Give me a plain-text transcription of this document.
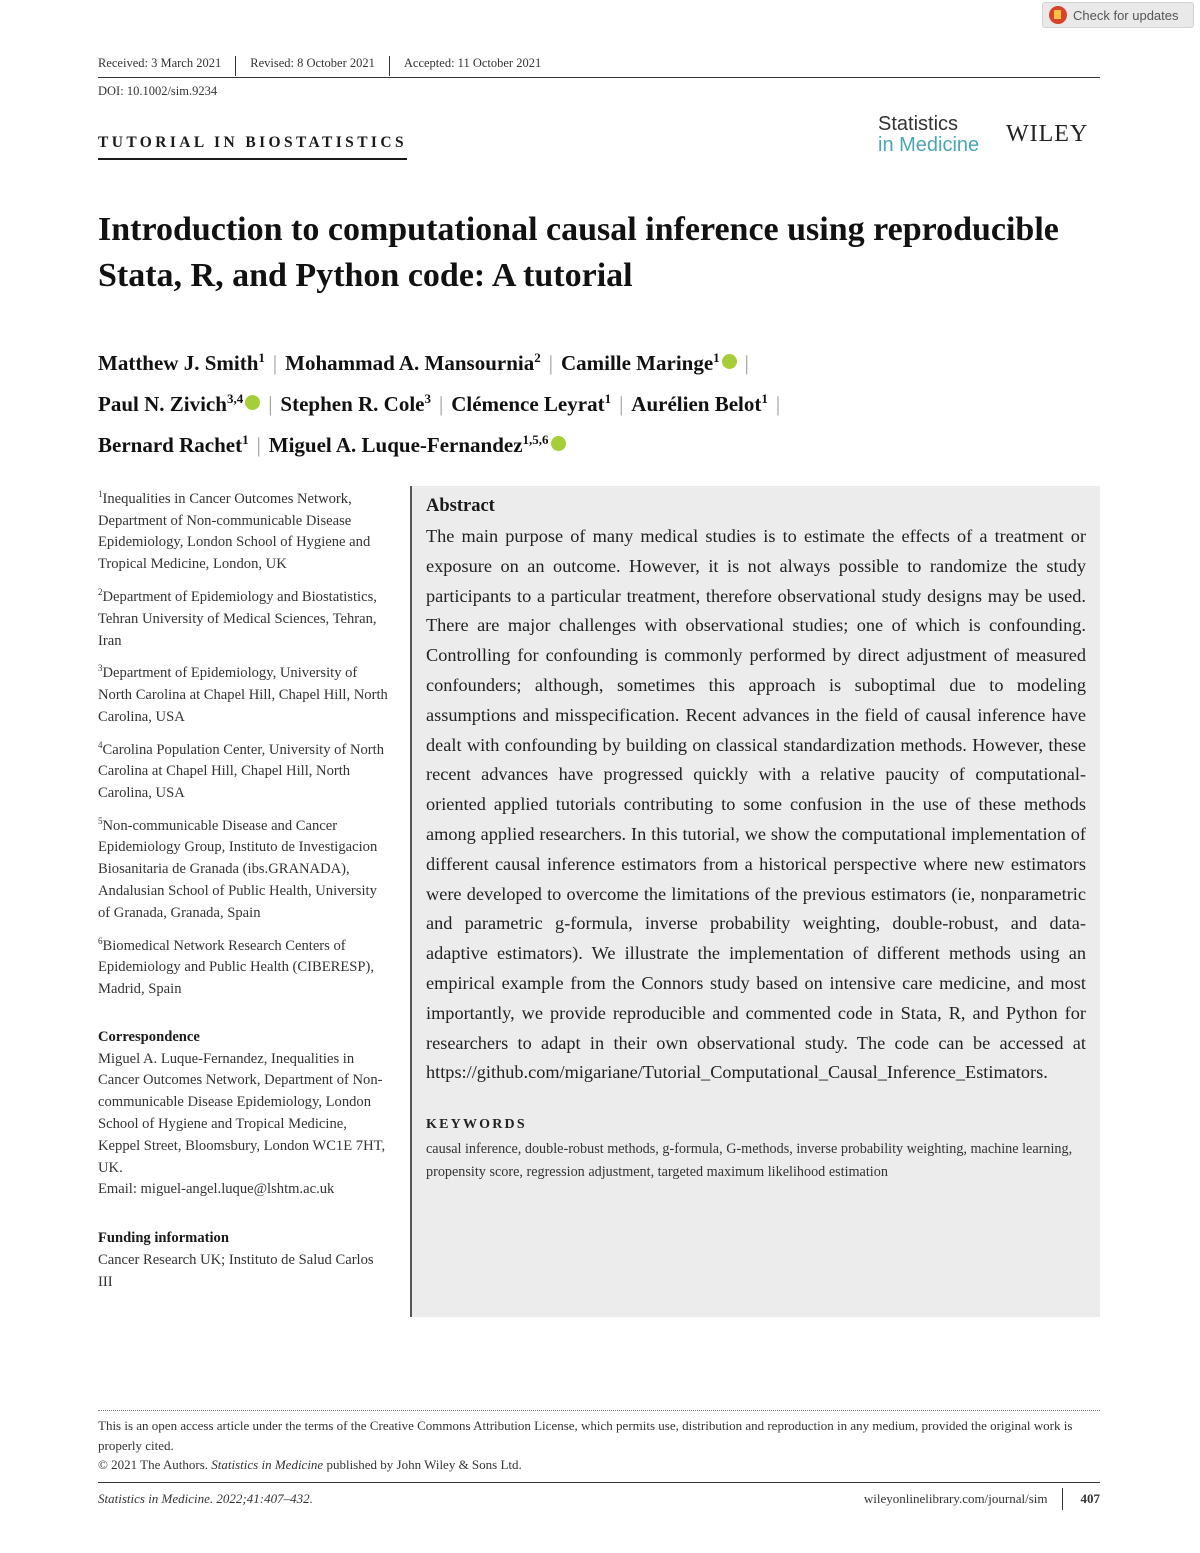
Check for updates
Received: 3 March 2021	Revised: 8 October 2021	Accepted: 11 October 2021
DOI: 10.1002/sim.9234
TUTORIAL IN BIOSTATISTICS
Statistics
in Medicine WILEY
Introduction to computational causal inference using reproducible Stata, R, and Python code: A tutorial
Matthew J. Smith$^1$ | Mohammad A. Mansournia$^2$ | Camille Maringe$^1$ iD |
Paul N. Zivich$^{3,4}$ iD | Stephen R. Cole$^3$ | Clémence Leyrat$^1$ | Aurélien Belot$^1$ |
Bernard Rachet$^1$ | Miguel A. Luque-Fernandez$^{1,5,6}$iD
$^1$Inequalities in Cancer Outcomes Network, Department of Non-communicable Disease Epidemiology, London School of Hygiene and Tropical Medicine, London, UK
$^2$Department of Epidemiology and Biostatistics, Tehran University of Medical Sciences, Tehran, Iran
$^3$Department of Epidemiology, University of North Carolina at Chapel Hill, Chapel Hill, North Carolina, USA
$^4$Carolina Population Center, University of North Carolina at Chapel Hill, Chapel Hill, North Carolina, USA
$^5$Non-communicable Disease and Cancer Epidemiology Group, Instituto de Investigacion Biosanitaria de Granada (ibs.GRANADA), Andalusian School of Public Health, University of Granada, Granada, Spain
$^6$Biomedical Network Research Centers of Epidemiology and Public Health (CIBERESP), Madrid, Spain
Correspondence
Miguel A. Luque-Fernandez, Inequalities in Cancer Outcomes Network, Department of Non-communicable Disease Epidemiology, London School of Hygiene and Tropical Medicine, Keppel Street, Bloomsbury, London WC1E 7HT, UK.
Email: miguel-angel.luque@lshtm.ac.uk
Funding information
Cancer Research UK; Instituto de Salud Carlos III
Abstract

The main purpose of many medical studies is to estimate the effects of a treatment or exposure on an outcome. However, it is not always possible to randomize the study participants to a particular treatment, therefore observational study designs may be used. There are major challenges with observational studies; one of which is confounding. Controlling for confounding is commonly performed by direct adjustment of measured confounders; although, sometimes this approach is suboptimal due to modeling assumptions and misspecification. Recent advances in the field of causal inference have dealt with confounding by building on classical standardization methods. However, these recent advances have progressed quickly with a relative paucity of computational-oriented applied tutorials contributing to some confusion in the use of these methods among applied researchers. In this tutorial, we show the computational implementation of different causal inference estimators from a historical perspective where new estimators were developed to overcome the limitations of the previous estimators (ie, nonparametric and parametric g-formula, inverse probability weighting, double-robust, and data-adaptive estimators). We illustrate the implementation of different methods using an empirical example from the Connors study based on intensive care medicine, and most importantly, we provide reproducible and commented code in Stata, R, and Python for researchers to adapt in their own observational study. The code can be accessed at https://github.com/migariane/Tutorial_Computational_Causal_Inference_Estimators.

KEYWORDS
causal inference, double-robust methods, g-formula, G-methods, inverse probability weighting, machine learning, propensity score, regression adjustment, targeted maximum likelihood estimation
This is an open access article under the terms of the Creative Commons Attribution License, which permits use, distribution and reproduction in any medium, provided the original work is properly cited.
© 2021 The Authors. Statistics in Medicine published by John Wiley & Sons Ltd.
Statistics in Medicine. 2022;41:407–432.	wileyonlinelibrary.com/journal/sim	407
